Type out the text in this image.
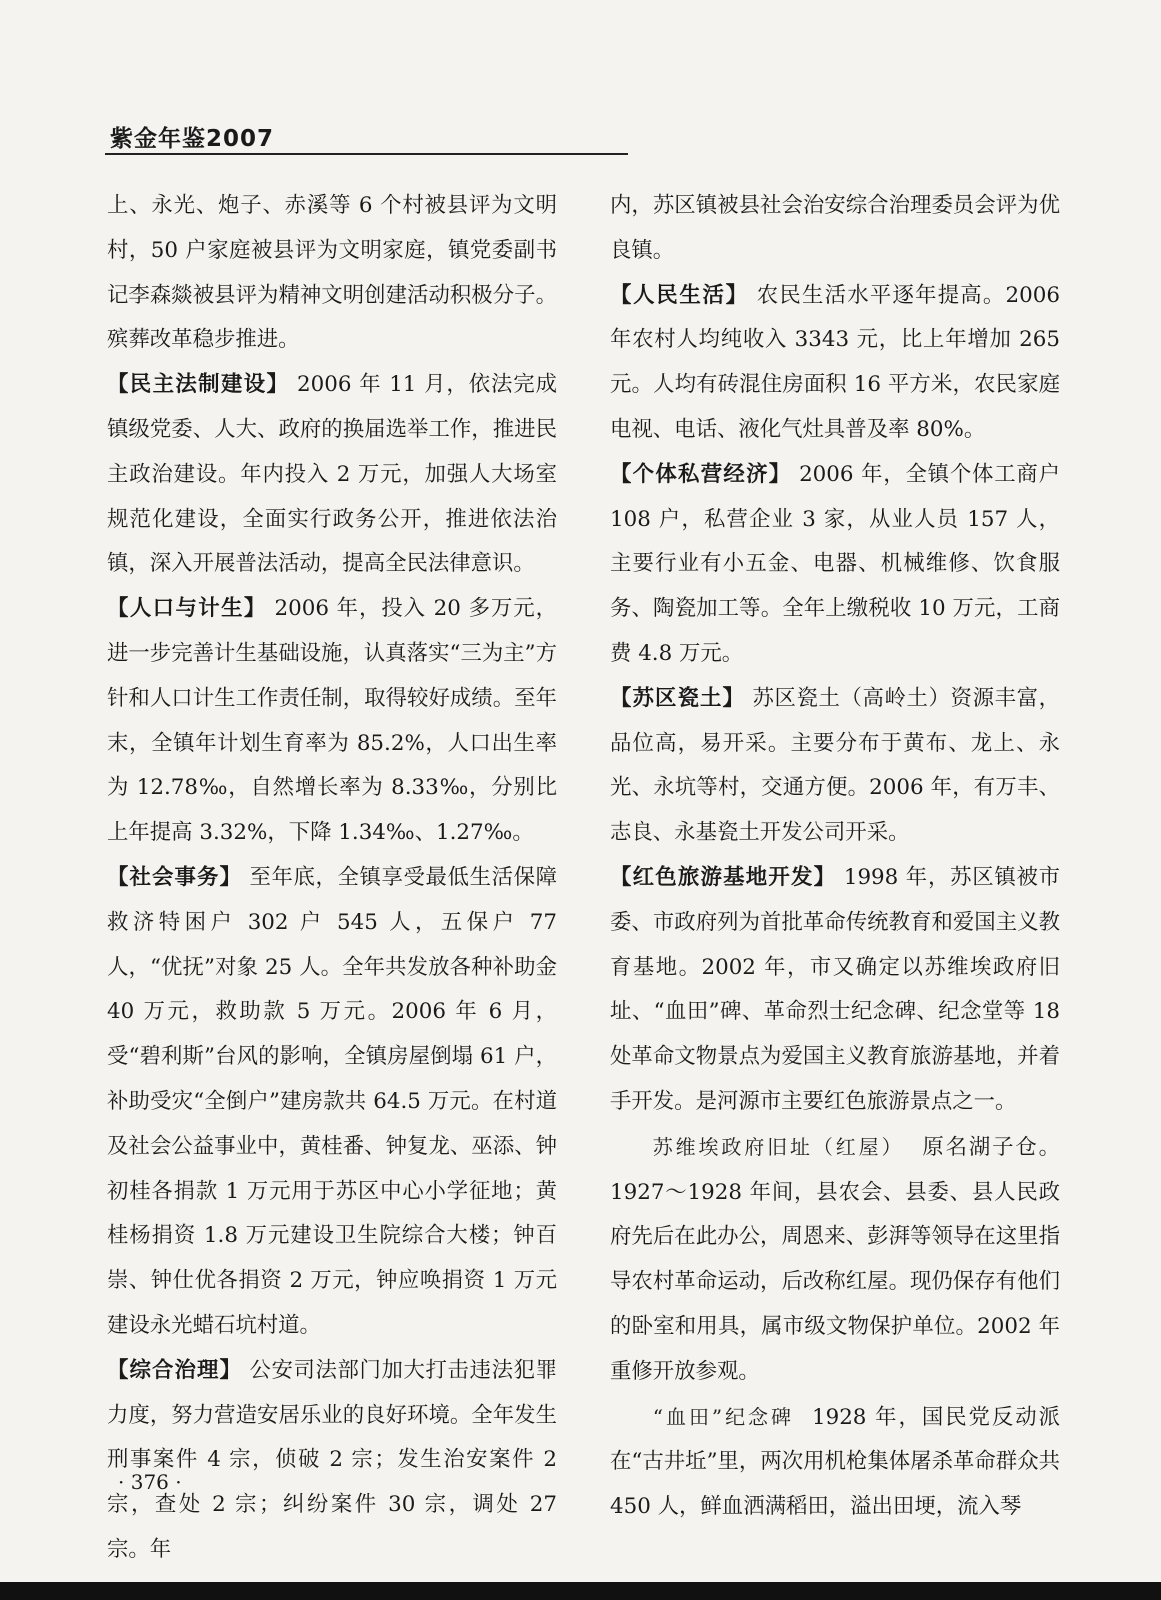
紫金年鉴2007

上、永光、炮子、赤溪等 6 个村被县评为文明村，50 户家庭被县评为文明家庭，镇党委副书记李森燚被县评为精神文明创建活动积极分子。殡葬改革稳步推进。

【民主法制建设】 2006 年 11 月，依法完成镇级党委、人大、政府的换届选举工作，推进民主政治建设。年内投入 2 万元，加强人大场室规范化建设，全面实行政务公开，推进依法治镇，深入开展普法活动，提高全民法律意识。

【人口与计生】 2006 年，投入 20 多万元，进一步完善计生基础设施，认真落实“三为主”方针和人口计生工作责任制，取得较好成绩。至年末，全镇年计划生育率为 85.2%，人口出生率为 12.78‰，自然增长率为 8.33‰，分别比上年提高 3.32%，下降 1.34‰、1.27‰。

【社会事务】 至年底，全镇享受最低生活保障救济特困户 302 户 545 人，五保户 77 人，“优抚”对象 25 人。全年共发放各种补助金 40 万元，救助款 5 万元。2006 年 6 月，受“碧利斯”台风的影响，全镇房屋倒塌 61 户，补助受灾“全倒户”建房款共 64.5 万元。在村道及社会公益事业中，黄桂番、钟复龙、巫添、钟初桂各捐款 1 万元用于苏区中心小学征地；黄桂杨捐资 1.8 万元建设卫生院综合大楼；钟百崇、钟仕优各捐资 2 万元，钟应唤捐资 1 万元建设永光蜡石坑村道。

【综合治理】 公安司法部门加大打击违法犯罪力度，努力营造安居乐业的良好环境。全年发生刑事案件 4 宗，侦破 2 宗；发生治安案件 2 宗，查处 2 宗；纠纷案件 30 宗，调处 27 宗。年

内，苏区镇被县社会治安综合治理委员会评为优良镇。

【人民生活】 农民生活水平逐年提高。2006 年农村人均纯收入 3343 元，比上年增加 265 元。人均有砖混住房面积 16 平方米，农民家庭电视、电话、液化气灶具普及率 80%。

【个体私营经济】 2006 年，全镇个体工商户 108 户，私营企业 3 家，从业人员 157 人，主要行业有小五金、电器、机械维修、饮食服务、陶瓷加工等。全年上缴税收 10 万元，工商费 4.8 万元。

【苏区瓷土】 苏区瓷土（高岭土）资源丰富，品位高，易开采。主要分布于黄布、龙上、永光、永坑等村，交通方便。2006 年，有万丰、志良、永基瓷土开发公司开采。

【红色旅游基地开发】 1998 年，苏区镇被市委、市政府列为首批革命传统教育和爱国主义教育基地。2002 年，市又确定以苏维埃政府旧址、“血田”碑、革命烈士纪念碑、纪念堂等 18 处革命文物景点为爱国主义教育旅游基地，并着手开发。是河源市主要红色旅游景点之一。

苏维埃政府旧址（红屋） 原名湖子仓。1927～1928 年间，县农会、县委、县人民政府先后在此办公，周恩来、彭湃等领导在这里指导农村革命运动，后改称红屋。现仍保存有他们的卧室和用具，属市级文物保护单位。2002 年重修开放参观。

“血田”纪念碑 1928 年，国民党反动派在“古井坵”里，两次用机枪集体屠杀革命群众共 450 人，鲜血洒满稻田，溢出田埂，流入琴

· 376 ·
